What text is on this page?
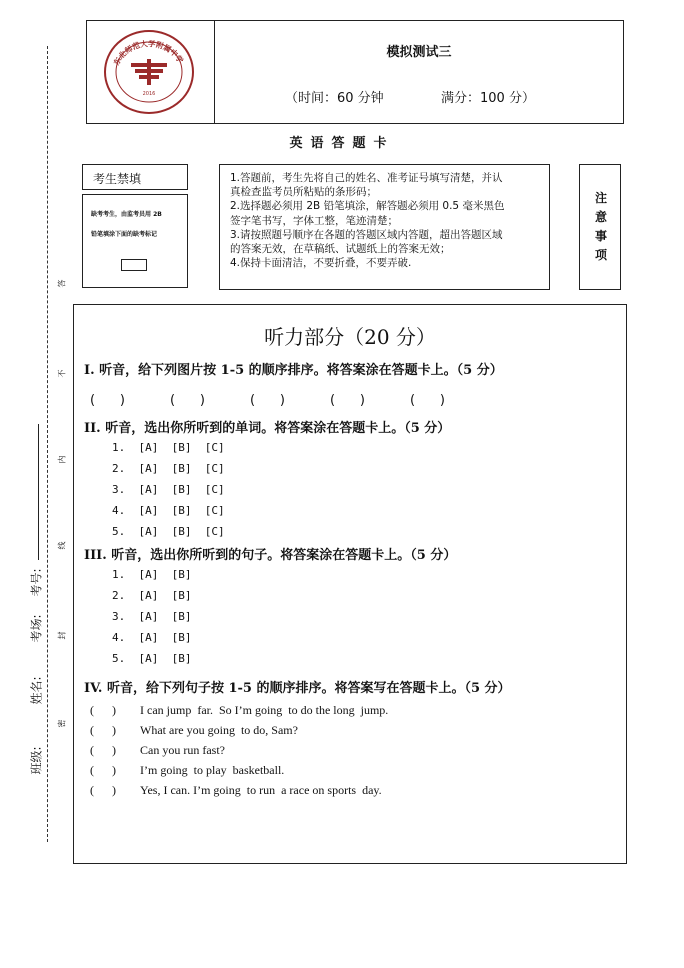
答
不
内
线
封
密
考号:
考场:
姓名:
班级:
东北师范大学附属中学
2016
模拟测试三
（时间：60 分钟	满分：100 分）
英语答题卡
考生禁填
缺考考生，由监考员用 2B
铅笔填涂下面的缺考标记
1.答题前，考生先将自己的姓名、准考证号填写清楚，并认
真检查监考员所粘贴的条形码；
2.选择题必须用 2B 铅笔填涂，解答题必须用 0.5 毫米黑色
签字笔书写，字体工整，笔迹清楚；
3.请按照题号顺序在各题的答题区域内答题，超出答题区域
的答案无效，在草稿纸、试题纸上的答案无效；
4.保持卡面清洁，不要折叠，不要弄破.
注意事项
听力部分（20 分）
I. 听音，给下列图片按 1-5 的顺序排序。将答案涂在答题卡上。（5 分）
(      )	(      )	(      )	(      )	(      )
II. 听音，选出你所听到的单词。将答案涂在答题卡上。（5 分）
1.  [A]  [B]  [C]
2.  [A]  [B]  [C]
3.  [A]  [B]  [C]
4.  [A]  [B]  [C]
5.  [A]  [B]  [C]
III. 听音，选出你所听到的句子。将答案涂在答题卡上。（5 分）
1.  [A]  [B]
2.  [A]  [B]
3.  [A]  [B]
4.  [A]  [B]
5.  [A]  [B]
IV. 听音，给下列句子按 1-5 的顺序排序。将答案写在答题卡上。（5 分）
(      ) I can jump  far.  So I’m going  to do the long  jump.
(      ) What are you going  to do, Sam?
(      ) Can you run fast?
(      ) I’m going  to play  basketball.
(      ) Yes, I can. I’m going  to run  a race on sports  day.
